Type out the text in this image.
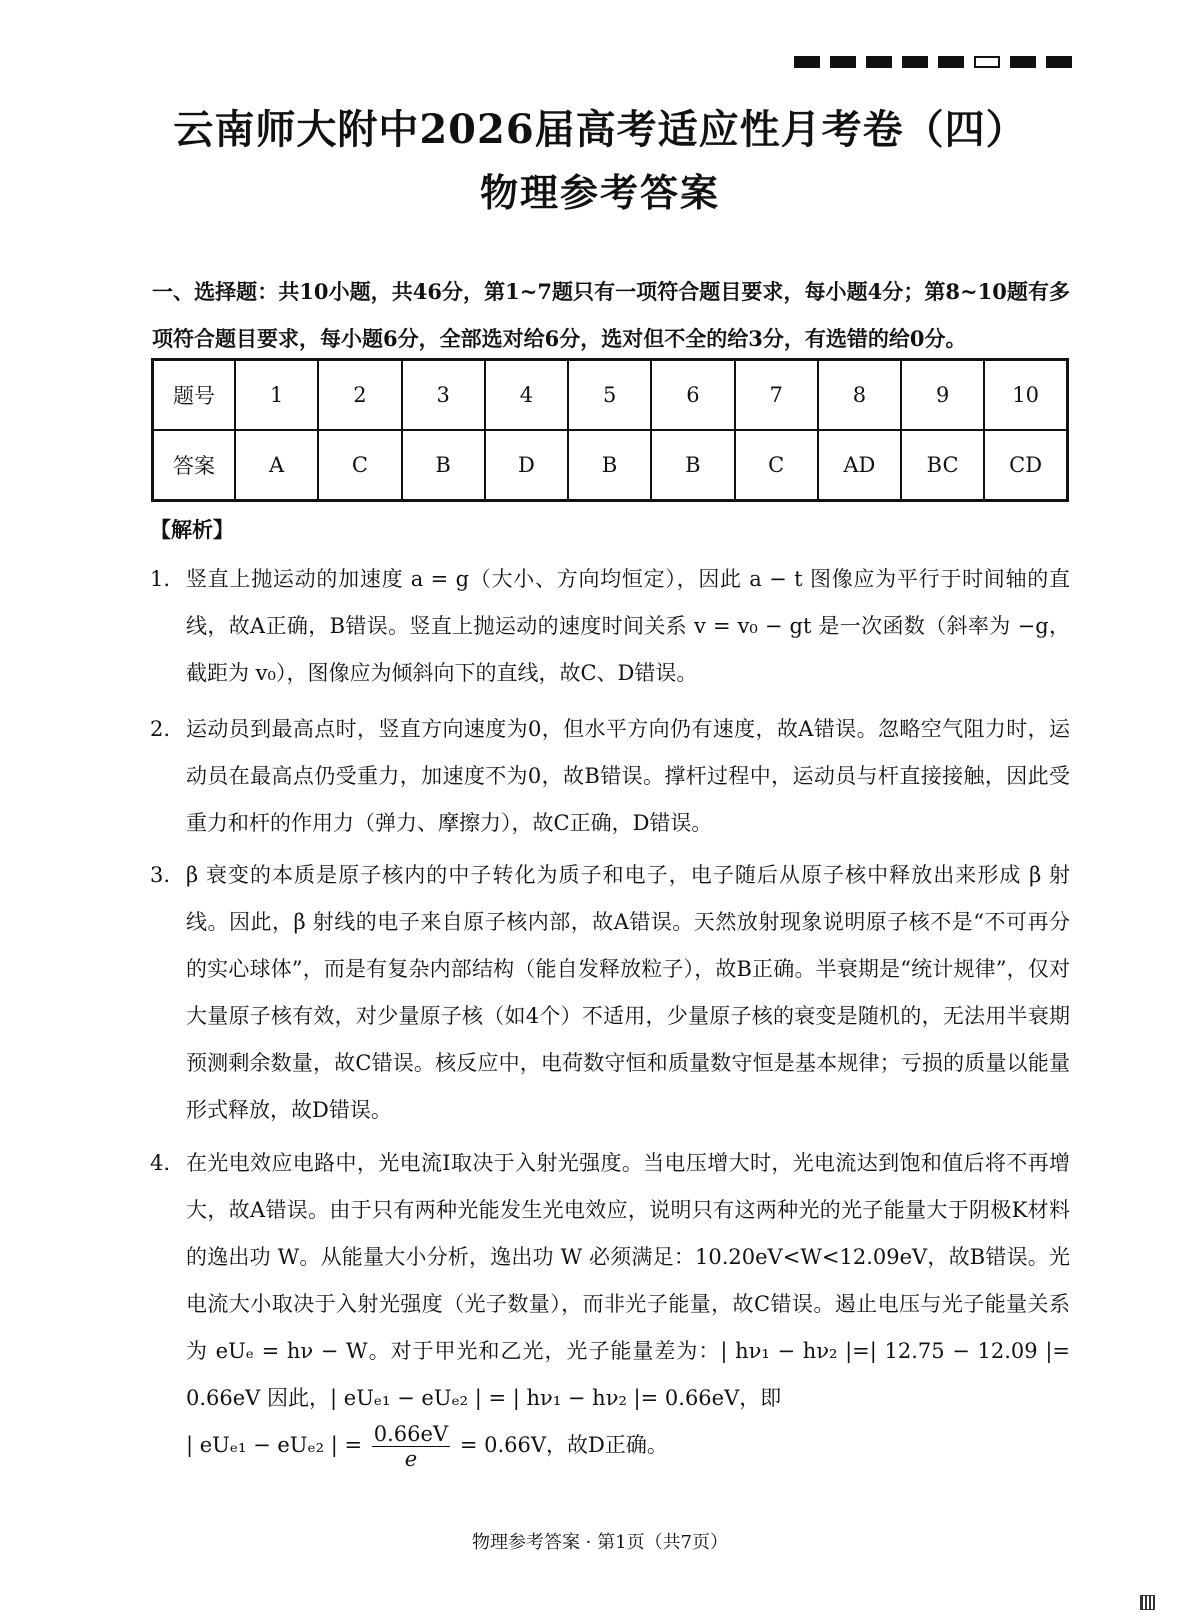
云南师大附中2026届高考适应性月考卷（四）
物理参考答案
一、选择题：共10小题，共46分，第1~7题只有一项符合题目要求，每小题4分；第8~10题有多项符合题目要求，每小题6分，全部选对给6分，选对但不全的给3分，有选错的给0分。
题号	1	2	3	4	5	6	7	8	9	10
答案	A	C	B	D	B	B	C	AD	BC	CD
【解析】
1. 竖直上抛运动的加速度 a = g（大小、方向均恒定），因此 a − t 图像应为平行于时间轴的直线，故A正确，B错误。竖直上抛运动的速度时间关系 v = v₀ − gt 是一次函数（斜率为 −g，截距为 v₀），图像应为倾斜向下的直线，故C、D错误。
2. 运动员到最高点时，竖直方向速度为0，但水平方向仍有速度，故A错误。忽略空气阻力时，运动员在最高点仍受重力，加速度不为0，故B错误。撑杆过程中，运动员与杆直接接触，因此受重力和杆的作用力（弹力、摩擦力），故C正确，D错误。
3. β 衰变的本质是原子核内的中子转化为质子和电子，电子随后从原子核中释放出来形成 β 射线。因此，β 射线的电子来自原子核内部，故A错误。天然放射现象说明原子核不是“不可再分的实心球体”，而是有复杂内部结构（能自发释放粒子），故B正确。半衰期是“统计规律”，仅对大量原子核有效，对少量原子核（如4个）不适用，少量原子核的衰变是随机的，无法用半衰期预测剩余数量，故C错误。核反应中，电荷数守恒和质量数守恒是基本规律；亏损的质量以能量形式释放，故D错误。
4. 在光电效应电路中，光电流I取决于入射光强度。当电压增大时，光电流达到饱和值后将不再增大，故A错误。由于只有两种光能发生光电效应，说明只有这两种光的光子能量大于阴极K材料的逸出功 W。从能量大小分析，逸出功 W 必须满足：10.20eV<W<12.09eV，故B错误。光电流大小取决于入射光强度（光子数量），而非光子能量，故C错误。遏止电压与光子能量关系为 eUₑ = hν − W。对于甲光和乙光，光子能量差为：| hν₁ − hν₂ |=| 12.75 − 12.09 |= 0.66eV 因此，| eUₑ₁ − eUₑ₂ | = | hν₁ − hν₂ |= 0.66eV，即
| eUₑ₁ − eUₑ₂ | = $\frac{0.66eV}{e} = 0.66V$，故D正确。
物理参考答案 · 第1页（共7页）
